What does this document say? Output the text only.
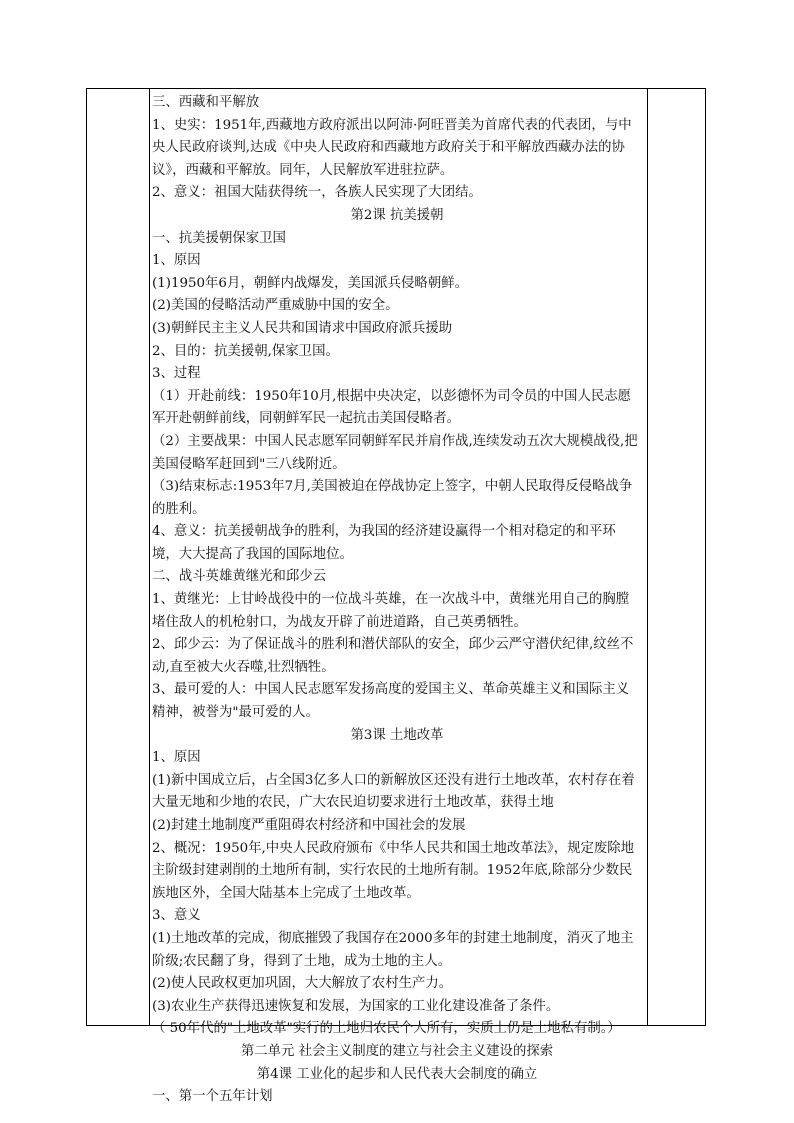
三、西藏和平解放

1、史实：1951年,西藏地方政府派出以阿沛·阿旺晋美为首席代表的代表团，与中央人民政府谈判,达成《中央人民政府和西藏地方政府关于和平解放西藏办法的协议》，西藏和平解放。同年，人民解放军进驻拉萨。

2、意义：祖国大陆获得统一，各族人民实现了大团结。

第2课 抗美援朝

一、抗美援朝保家卫国

1、原因

(1)1950年6月，朝鲜内战爆发，美国派兵侵略朝鲜。

(2)美国的侵略活动严重威胁中国的安全。

(3)朝鲜民主主义人民共和国请求中国政府派兵援助

2、目的：抗美援朝,保家卫国。

3、过程

（1）开赴前线：1950年10月,根据中央决定，以彭德怀为司令员的中国人民志愿军开赴朝鲜前线，同朝鲜军民一起抗击美国侵略者。

（2）主要战果：中国人民志愿军同朝鲜军民并肩作战,连续发动五次大规模战役,把美国侵略军赶回到"三八线附近。

（3)结束标志:1953年7月,美国被迫在停战协定上签字，中朝人民取得反侵略战争的胜利。

4、意义：抗美援朝战争的胜利，为我国的经济建设赢得一个相对稳定的和平环境，大大提高了我国的国际地位。

二、战斗英雄黄继光和邱少云

1、黄继光：上甘岭战役中的一位战斗英雄，在一次战斗中，黄继光用自己的胸膛堵住敌人的机枪射口，为战友开辟了前进道路，自己英勇牺牲。

2、邱少云：为了保证战斗的胜利和潜伏部队的安全，邱少云严守潜伏纪律,纹丝不动,直至被大火吞噬,壮烈牺牲。

3、最可爱的人：中国人民志愿军发扬高度的爱国主义、革命英雄主义和国际主义精神，被誉为"最可爱的人。

第3课 土地改革

1、原因

(1)新中国成立后，占全国3亿多人口的新解放区还没有进行土地改革，农村存在着大量无地和少地的农民，广大农民迫切要求进行土地改革，获得土地

(2)封建土地制度严重阻碍农村经济和中国社会的发展

2、概况：1950年,中央人民政府颁布《中华人民共和国土地改革法》，规定废除地主阶级封建剥削的土地所有制，实行农民的土地所有制。1952年底,除部分少数民族地区外，全国大陆基本上完成了土地改革。

3、意义

(1)土地改革的完成，彻底摧毁了我国存在2000多年的封建土地制度，消灭了地主阶级;农民翻了身，得到了土地，成为土地的主人。

(2)使人民政权更加巩固，大大解放了农村生产力。

(3)农业生产获得迅速恢复和发展，为国家的工业化建设准备了条件。

（ 50年代的"土地改革"实行的土地归农民个人所有，实质上仍是土地私有制。）

第二单元 社会主义制度的建立与社会主义建设的探索

第4课 工业化的起步和人民代表大会制度的确立

一、第一个五年计划
